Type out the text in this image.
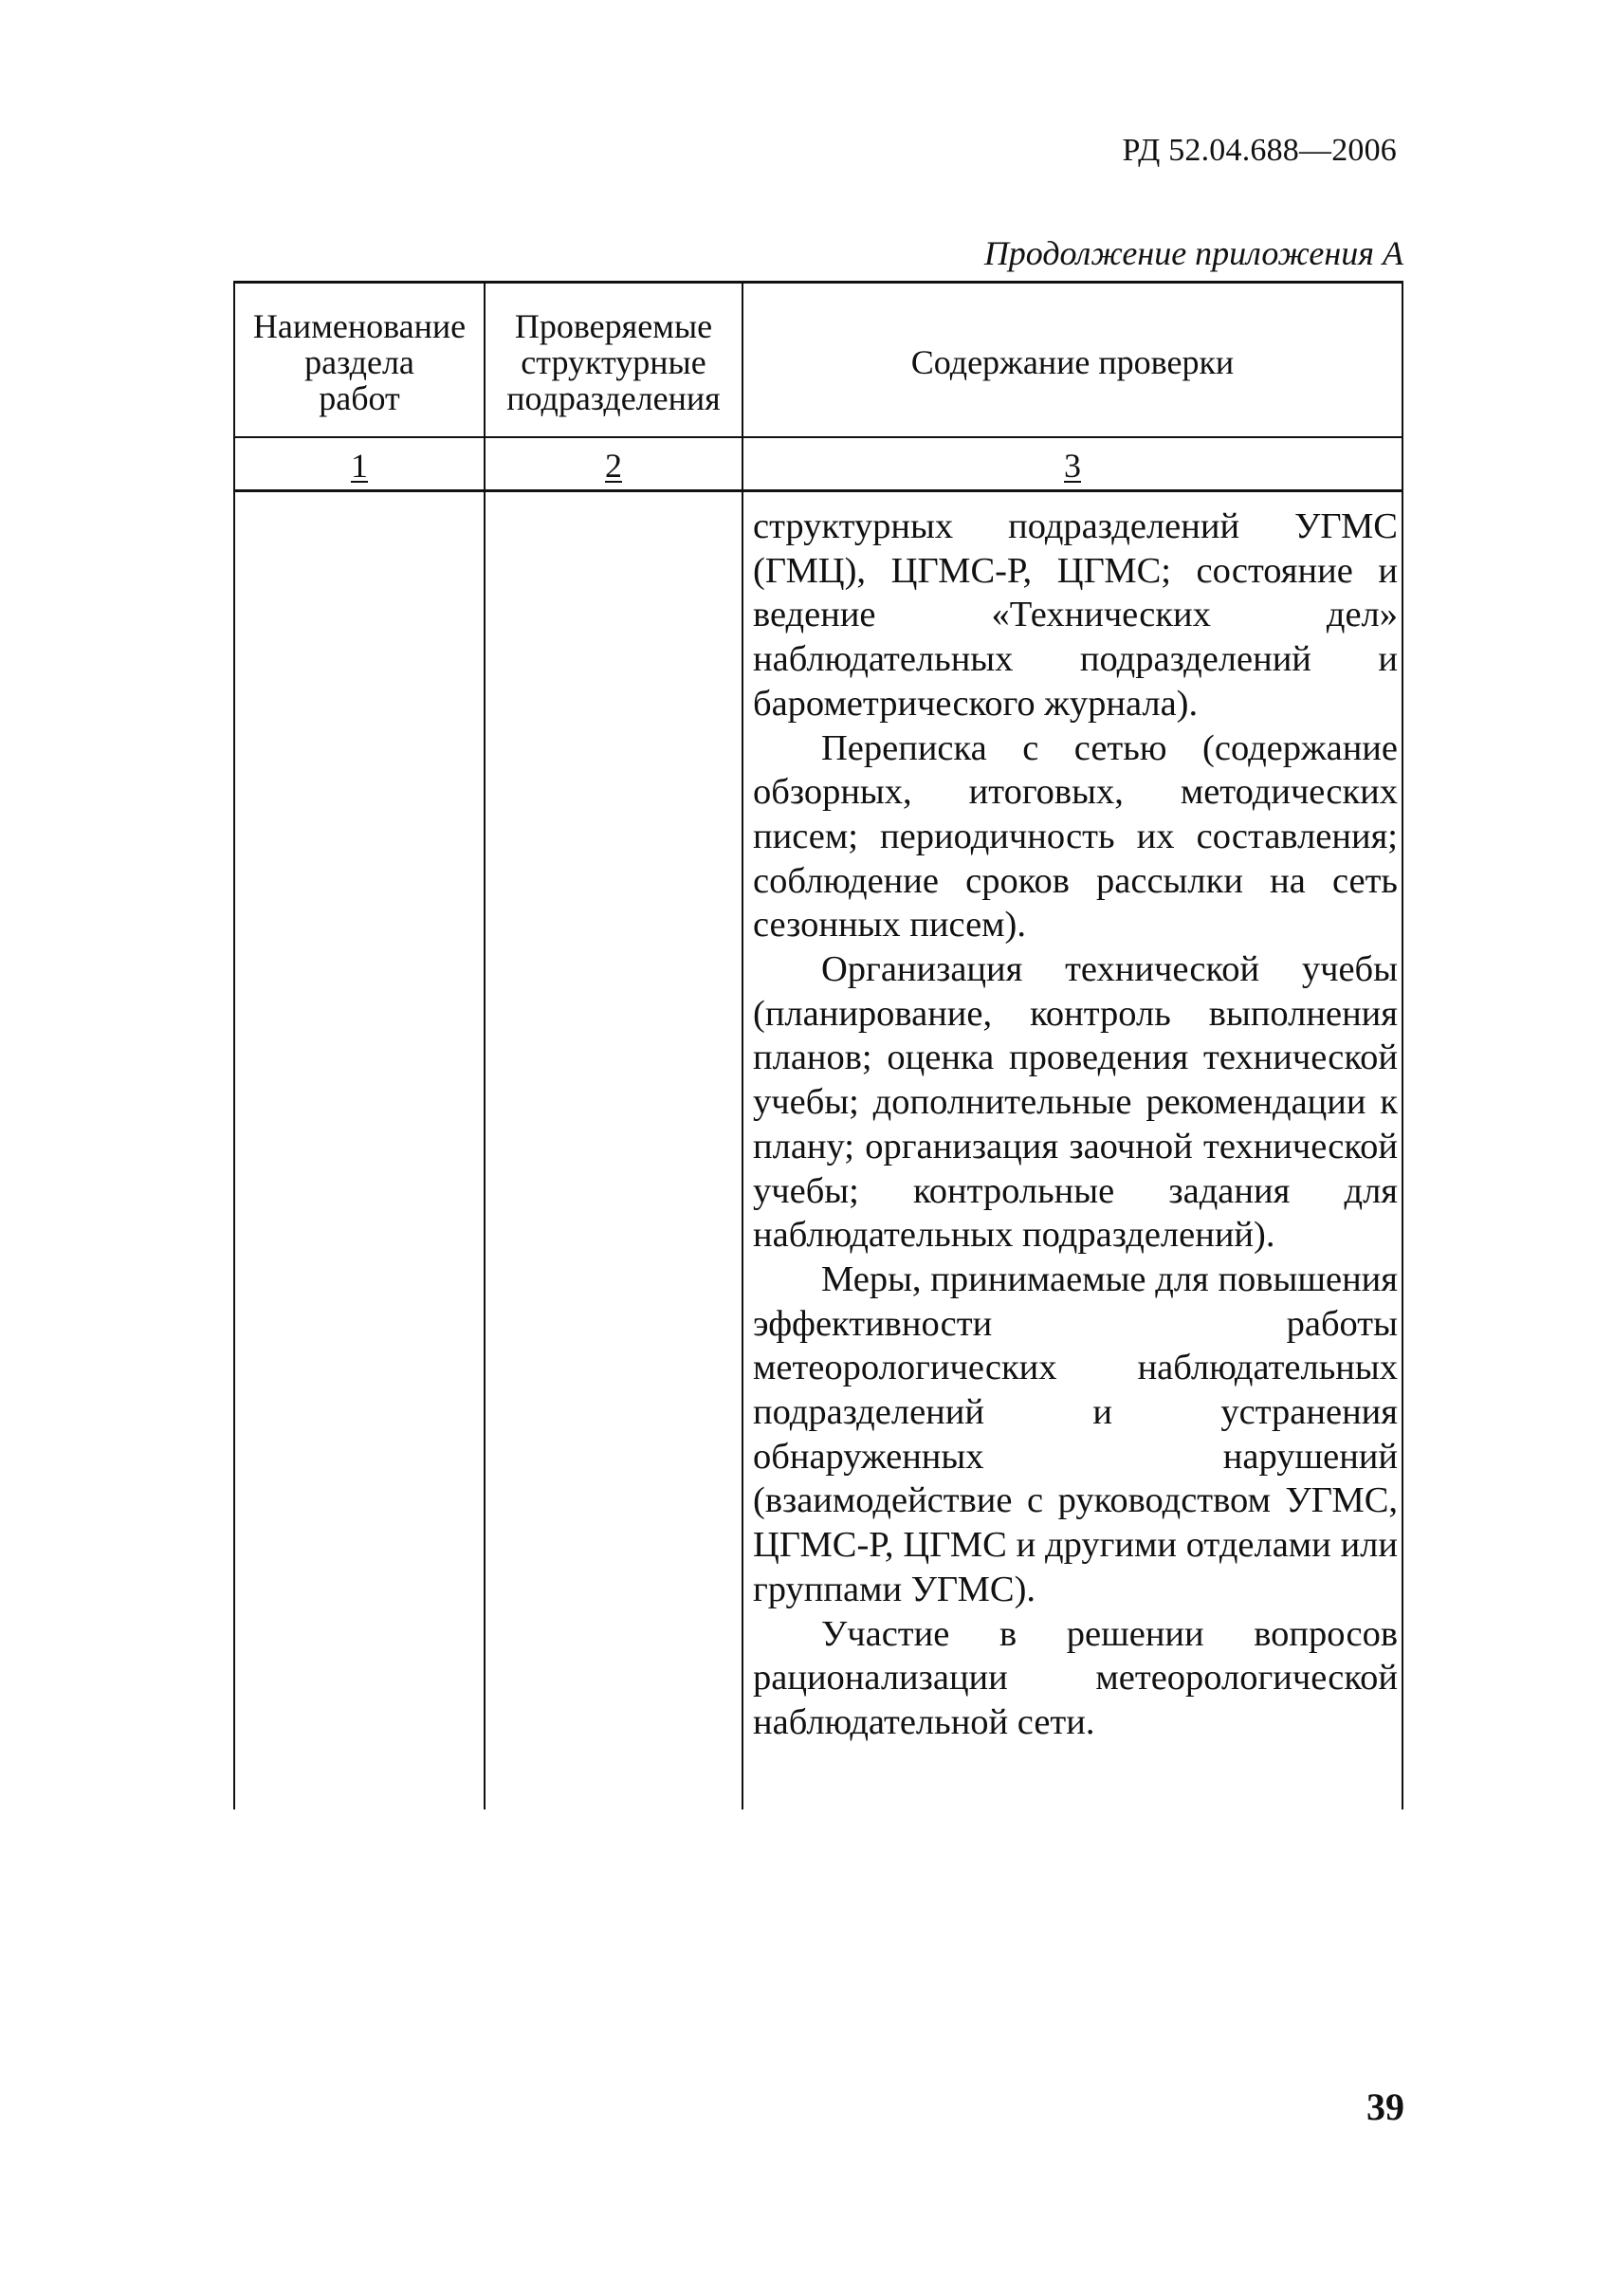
РД 52.04.688—2006
Продолжение приложения А
Наименование
раздела
работ
Проверяемые
структурные
подразделения
Содержание проверки
1	2	3

структурных подразделений УГМС (ГМЦ), ЦГМС-Р, ЦГМС; состояние и ведение «Технических дел» наблюдательных подразделений и барометрического журнала).

Переписка с сетью (содержание обзорных, итоговых, методических писем; периодичность их составления; соблюдение сроков рассылки на сеть сезонных писем).

Организация технической учебы (планирование, контроль выполнения планов; оценка проведения технической учебы; дополнительные рекомендации к плану; организация заочной технической учебы; контрольные задания для наблюдательных подразделений).

Меры, принимаемые для повышения эффективности работы метеорологических наблюдательных подразделений и устранения обнаруженных нарушений (взаимодействие с руководством УГМС, ЦГМС-Р, ЦГМС и другими отделами или группами УГМС).

Участие в решении вопросов рационализации метеорологической наблюдательной сети.

39
